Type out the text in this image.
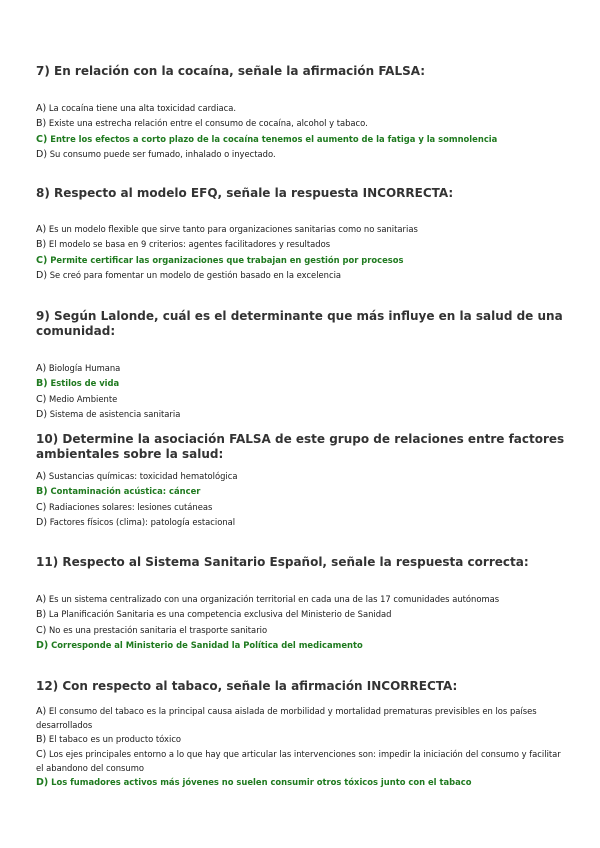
7) En relación con la cocaína, señale la afirmación FALSA:
A) La cocaína tiene una alta toxicidad cardiaca.
B) Existe una estrecha relación entre el consumo de cocaína, alcohol y tabaco.
C) Entre los efectos a corto plazo de la cocaína tenemos el aumento de la fatiga y la somnolencia
D) Su consumo puede ser fumado, inhalado o inyectado.
8) Respecto al modelo EFQ, señale la respuesta INCORRECTA:
A) Es un modelo flexible que sirve tanto para organizaciones sanitarias como no sanitarias
B) El modelo se basa en 9 criterios: agentes facilitadores y resultados
C) Permite certificar las organizaciones que trabajan en gestión por procesos
D) Se creó para fomentar un modelo de gestión basado en la excelencia
9) Según Lalonde, cuál es el determinante que más influye en la salud de una comunidad:
A) Biología Humana
B) Estilos de vida
C) Medio Ambiente
D) Sistema de asistencia sanitaria
10) Determine la asociación FALSA de este grupo de relaciones entre factores ambientales sobre la salud:
A) Sustancias químicas: toxicidad hematológica
B) Contaminación acústica: cáncer
C) Radiaciones solares: lesiones cutáneas
D) Factores físicos (clima): patología estacional
11) Respecto al Sistema Sanitario Español, señale la respuesta correcta:
A) Es un sistema centralizado con una organización territorial en cada una de las 17 comunidades autónomas
B) La Planificación Sanitaria es una competencia exclusiva del Ministerio de Sanidad
C) No es una prestación sanitaria el trasporte sanitario
D) Corresponde al Ministerio de Sanidad la Política del medicamento
12) Con respecto al tabaco, señale la afirmación INCORRECTA:
A) El consumo del tabaco es la principal causa aislada de morbilidad y mortalidad prematuras previsibles en los países desarrollados
B) El tabaco es un producto tóxico
C) Los ejes principales entorno a lo que hay que articular las intervenciones son: impedir la iniciación del consumo y facilitar el abandono del consumo
D) Los fumadores activos más jóvenes no suelen consumir otros tóxicos junto con el tabaco
